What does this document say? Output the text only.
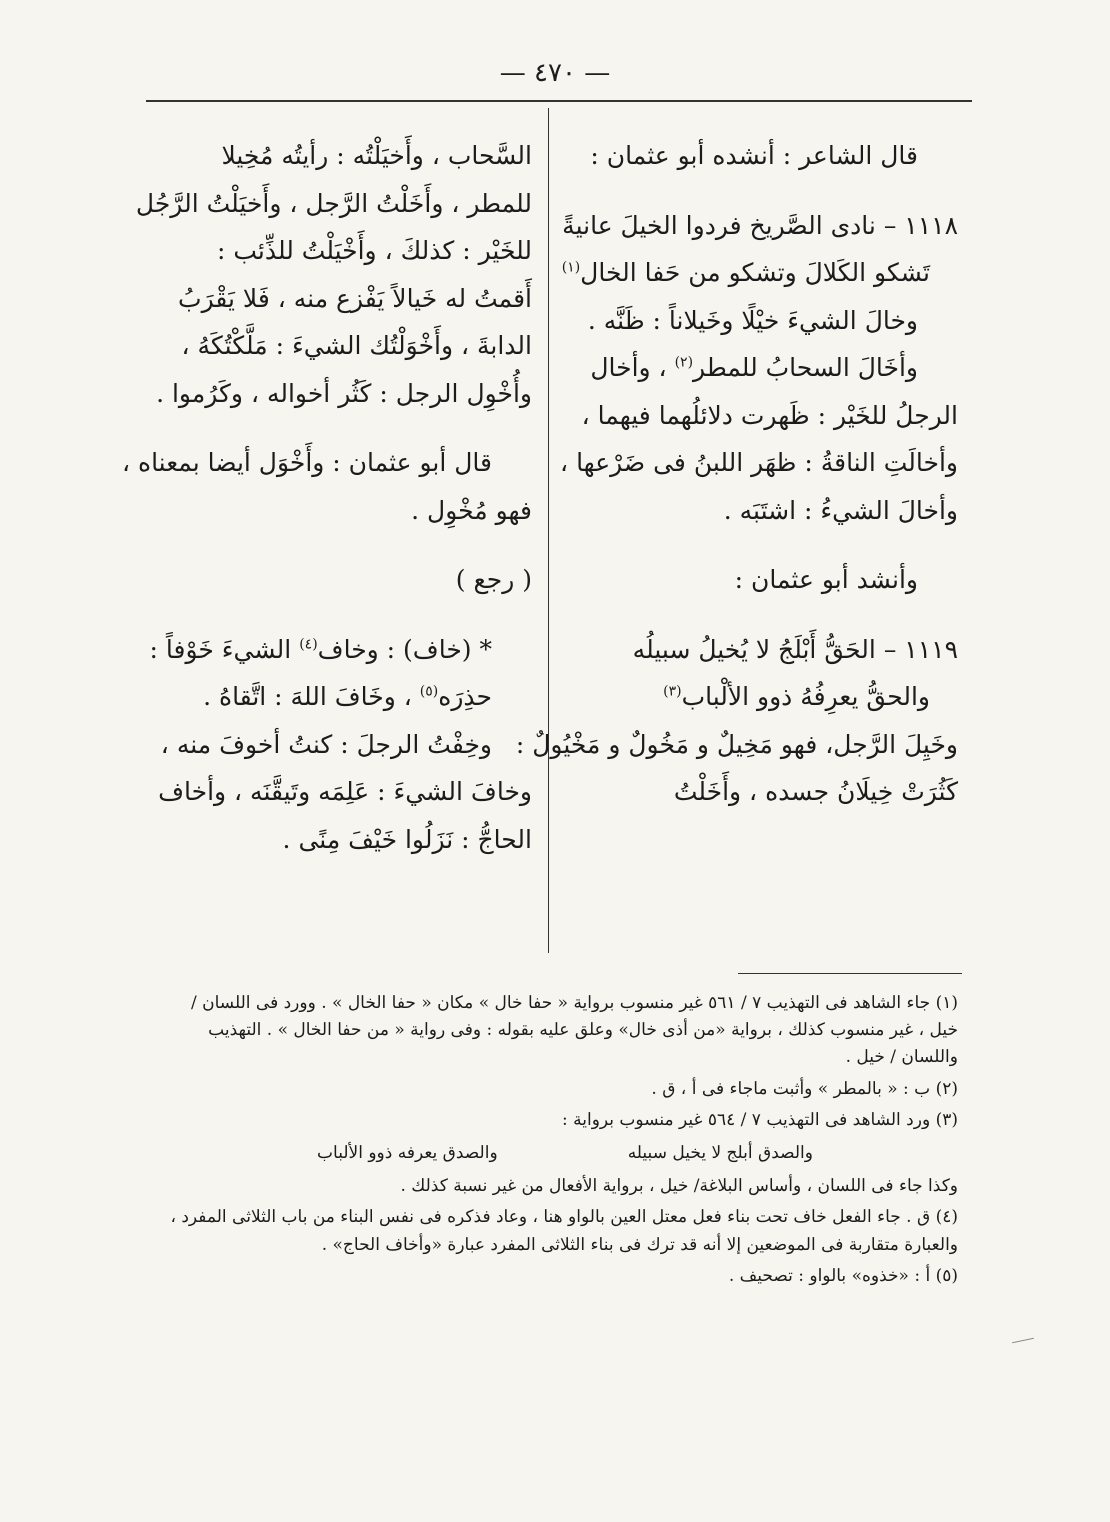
— ٤٧٠ —
قال الشاعر : أنشده أبو عثمان :
١١١٨ – نادى الصَّريخ فردوا الخيلَ عانيةً
تَشكو الكَلالَ وتشكو من حَفا الخال$^{(١)}$
وخالَ الشيءَ خيْلًا وخَيلاناً : ظَنَّه .
وأخَالَ السحابُ للمطر$^{(٢)}$ ، وأخال
الرجلُ للخَيْر : ظَهرت دلائلُهما فيهما ،
وأخالَتِ الناقةُ : ظهَر اللبنُ فى ضَرْعها ،
وأخالَ الشيءُ : اشتَبَه .
وأنشد أبو عثمان :
١١١٩ – الحَقُّ أَبْلَجُ لا يُخيلُ سبيلُه
والحقُّ يعرِفُهُ ذوو الألْباب$^{(٣)}$
وخَيِلَ الرَّجل، فهو مَخِيلٌ و مَخُولٌ و مَخْيُولٌ :
كَثُرَتْ خِيلَانُ جسده ، وأَخَلْتُ
السَّحاب ، وأَخيَلْتُه : رأيتُه مُخِيلا
للمطر ، وأَخَلْتُ الرَّجل ، وأَخيَلْتُ الرَّجُل
للخَيْر : كذلكَ ، وأَخْيَلْتُ للذِّئب :
أَقمتُ له خَيالاً يَفْزع منه ، فَلا يَقْرَبُ
الدابةَ ، وأَخْوَلْتُك الشيءَ : مَلَّكْتُكَهُ ،
وأُخْوِل الرجل : كَثُر أخواله ، وكَرُموا .
قال أبو عثمان : وأَخْوَل أيضا بمعناه ،
فهو مُخْوِل .
( رجع )
* (خاف) : وخاف$^{(٤)}$ الشيءَ خَوْفاً :
حذِرَه$^{(٥)}$ ، وخَافَ اللهَ : اتَّقاهُ .
وخِفْتُ الرجلَ : كنتُ أخوفَ منه ،
وخافَ الشيءَ : عَلِمَه وتَيقَّنَه ، وأخاف
الحاجُّ : نَزَلُوا خَيْفَ مِنًى .
(١) جاء الشاهد فى التهذيب ٧ / ٥٦١ غير منسوب برواية « حفا خال » مكان « حفا الخال » . وورد فى اللسان /
خيل ، غير منسوب كذلك ، برواية «من أذى خال» وعلق عليه بقوله : وفى رواية « من حفا الخال » . التهذيب
واللسان / خيل .
(٢) ب : « بالمطر » وأثبت ماجاء فى أ ، ق .
(٣) ورد الشاهد فى التهذيب ٧ / ٥٦٤ غير منسوب برواية :
والصدق أبلج لا يخيل سبيله
والصدق يعرفه ذوو الألباب
وكذا جاء فى اللسان ، وأساس البلاغة/ خيل ، برواية الأفعال من غير نسبة كذلك .
(٤) ق . جاء الفعل خاف تحت بناء فعل معتل العين بالواو هنا ، وعاد فذكره فى نفس البناء من باب الثلاثى المفرد ،
والعبارة متقاربة فى الموضعين إلا أنه قد ترك فى بناء الثلاثى المفرد عبارة «وأخاف الحاج» .
(٥) أ : «خذوه» بالواو : تصحيف .
